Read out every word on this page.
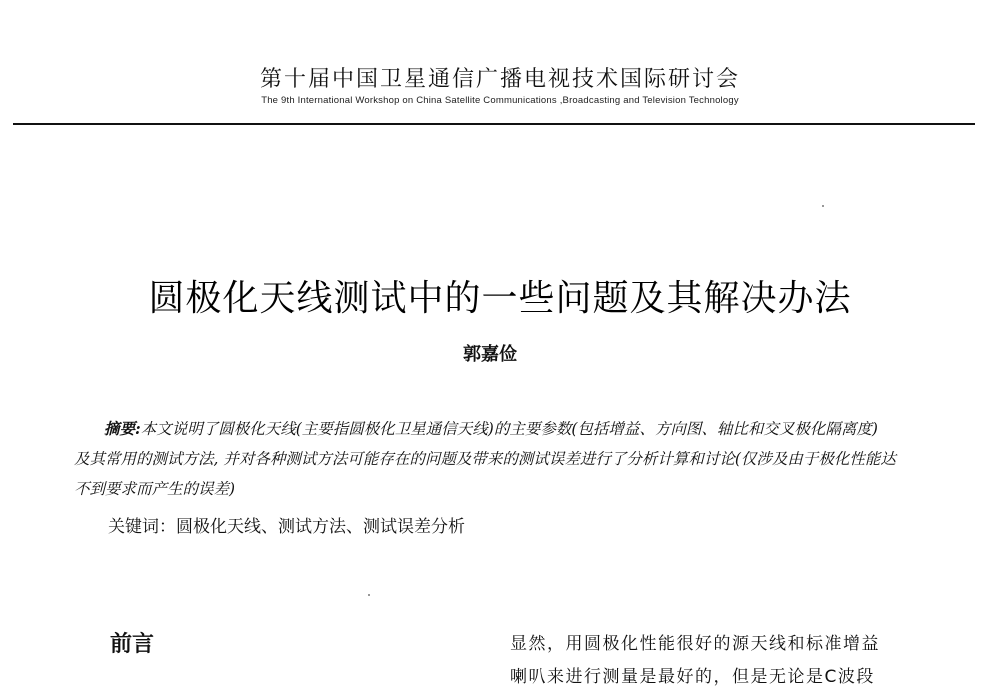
第十届中国卫星通信广播电视技术国际研讨会
The 9th International Workshop on China Satellite Communications ,Broadcasting and Television Technology
圆极化天线测试中的一些问题及其解决办法
郭嘉俭
摘要:本文说明了圆极化天线(主要指圆极化卫星通信天线)的主要参数(包括增益、方向图、轴比和交叉极化隔离度)
及其常用的测试方法, 并对各种测试方法可能存在的问题及带来的测试误差进行了分析计算和讨论(仅涉及由于极化性能达
不到要求而产生的误差)
关键词：圆极化天线、测试方法、测试误差分析
前言	显然，用圆极化性能很好的源天线和标准增益
喇叭来进行测量是最好的，但是无论是C波段
